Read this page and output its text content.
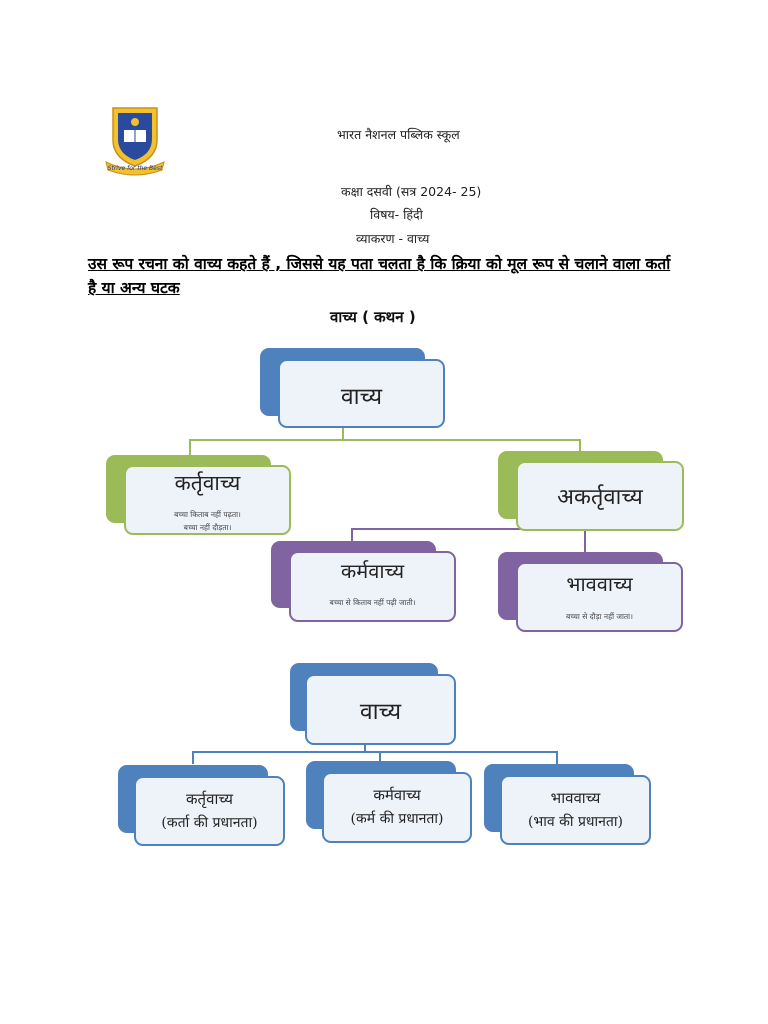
Strive for the Best
भारत नैशनल पब्लिक स्कूल
कक्षा दसवी (सत्र 2024- 25)
विषय- हिंदी
व्याकरण - वाच्य
उस रूप रचना को वाच्य कहते हैं , जिससे यह पता चलता है कि क्रिया को मूल रूप से चलाने वाला कर्ता है या अन्य घटक
वाच्य ( कथन )
वाच्य
कर्तृवाच्य
बच्चा किताब नहीं पढ़ता।
बच्चा नहीं दौड़ता।
अकर्तृवाच्य
कर्मवाच्य
बच्चा से किताब नहीं पढ़ी जाती।
भाववाच्य
बच्चा से दौड़ा नहीं जाता।
वाच्य
कर्तृवाच्य
(कर्ता की प्रधानता)
कर्मवाच्य
(कर्म की प्रधानता)
भाववाच्य
(भाव की प्रधानता)
